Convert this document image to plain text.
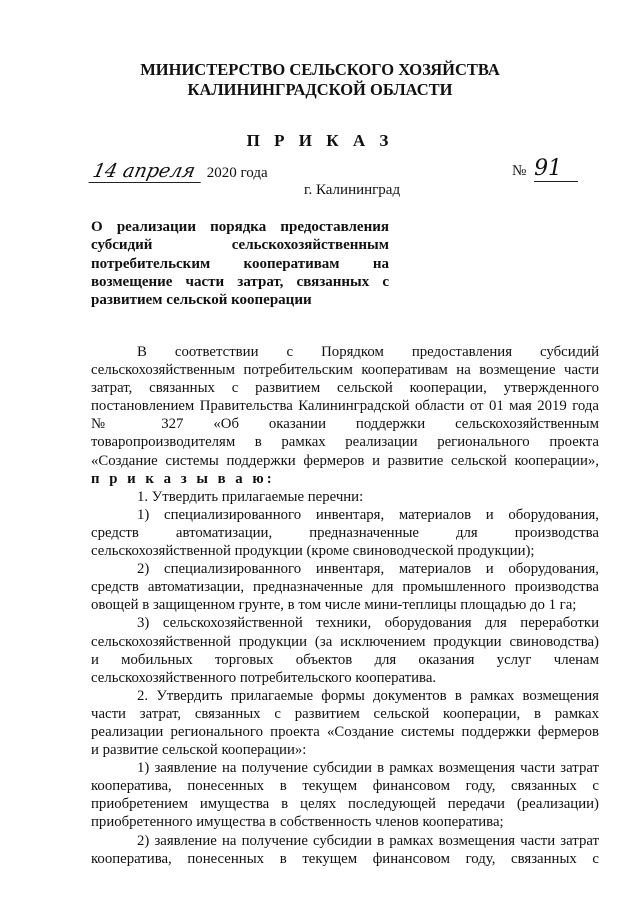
МИНИСТЕРСТВО СЕЛЬСКОГО ХОЗЯЙСТВА
КАЛИНИНГРАДСКОЙ ОБЛАСТИ
П Р И К А З
14 апреля 2020 года	№ 91
г. Калининград
О реализации порядка предоставления
субсидий сельскохозяйственным
потребительским кооперативам на
возмещение части затрат, связанных с
развитием сельской кооперации
В соответствии с Порядком предоставления субсидий
сельскохозяйственным потребительским кооперативам на возмещение части
затрат, связанных с развитием сельской кооперации, утвержденного
постановлением Правительства Калининградской области от 01 мая 2019 года
№ 327 «Об оказании поддержки сельскохозяйственным
товаропроизводителям в рамках реализации регионального проекта
«Создание системы поддержки фермеров и развитие сельской кооперации»,
п р и к а з ы в а ю:
1. Утвердить прилагаемые перечни:
1) специализированного инвентаря, материалов и оборудования,
средств автоматизации, предназначенные для производства
сельскохозяйственной продукции (кроме свиноводческой продукции);
2) специализированного инвентаря, материалов и оборудования,
средств автоматизации, предназначенные для промышленного производства
овощей в защищенном грунте, в том числе мини-теплицы площадью до 1 га;
3) сельскохозяйственной техники, оборудования для переработки
сельскохозяйственной продукции (за исключением продукции свиноводства)
и мобильных торговых объектов для оказания услуг членам
сельскохозяйственного потребительского кооператива.
2. Утвердить прилагаемые формы документов в рамках возмещения
части затрат, связанных с развитием сельской кооперации, в рамках
реализации регионального проекта «Создание системы поддержки фермеров
и развитие сельской кооперации»:
1) заявление на получение субсидии в рамках возмещения части затрат
кооператива, понесенных в текущем финансовом году, связанных с
приобретением имущества в целях последующей передачи (реализации)
приобретенного имущества в собственность членов кооператива;
2) заявление на получение субсидии в рамках возмещения части затрат
кооператива, понесенных в текущем финансовом году, связанных с
